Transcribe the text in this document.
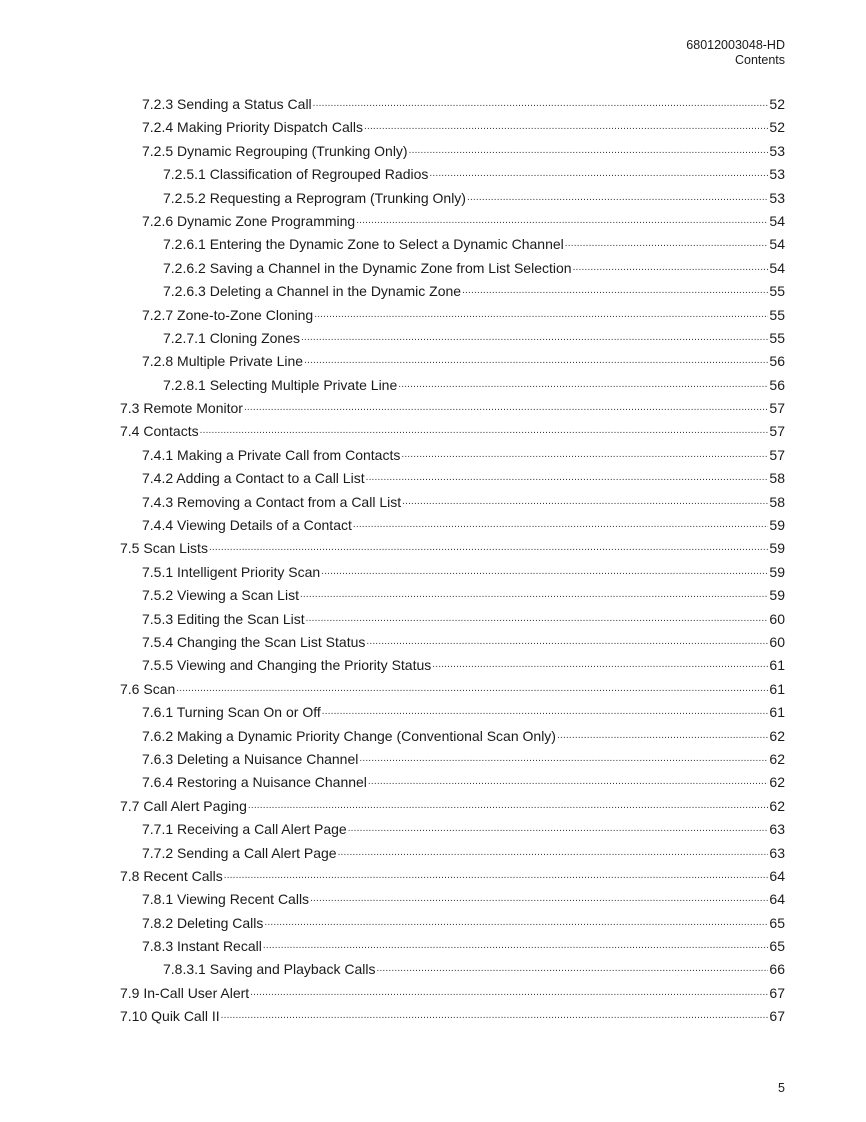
68012003048-HD
Contents
7.2.3 Sending a Status Call .....	52
7.2.4 Making Priority Dispatch Calls .....	52
7.2.5 Dynamic Regrouping (Trunking Only) .....	53
7.2.5.1 Classification of Regrouped Radios .....	53
7.2.5.2 Requesting a Reprogram (Trunking Only) .....	53
7.2.6 Dynamic Zone Programming .....	54
7.2.6.1 Entering the Dynamic Zone to Select a Dynamic Channel .....	54
7.2.6.2 Saving a Channel in the Dynamic Zone from List Selection .....	54
7.2.6.3 Deleting a Channel in the Dynamic Zone .....	55
7.2.7 Zone-to-Zone Cloning .....	55
7.2.7.1 Cloning Zones .....	55
7.2.8 Multiple Private Line .....	56
7.2.8.1 Selecting Multiple Private Line .....	56
7.3 Remote Monitor .....	57
7.4 Contacts .....	57
7.4.1 Making a Private Call from Contacts .....	57
7.4.2 Adding a Contact to a Call List .....	58
7.4.3 Removing a Contact from a Call List .....	58
7.4.4 Viewing Details of a Contact .....	59
7.5 Scan Lists .....	59
7.5.1 Intelligent Priority Scan .....	59
7.5.2 Viewing a Scan List .....	59
7.5.3 Editing the Scan List .....	60
7.5.4 Changing the Scan List Status .....	60
7.5.5 Viewing and Changing the Priority Status .....	61
7.6 Scan .....	61
7.6.1 Turning Scan On or Off .....	61
7.6.2 Making a Dynamic Priority Change (Conventional Scan Only) .....	62
7.6.3 Deleting a Nuisance Channel .....	62
7.6.4 Restoring a Nuisance Channel .....	62
7.7 Call Alert Paging .....	62
7.7.1 Receiving a Call Alert Page .....	63
7.7.2 Sending a Call Alert Page .....	63
7.8 Recent Calls .....	64
7.8.1 Viewing Recent Calls .....	64
7.8.2 Deleting Calls .....	65
7.8.3 Instant Recall .....	65
7.8.3.1 Saving and Playback Calls .....	66
7.9 In-Call User Alert .....	67
7.10 Quik Call II .....	67
5
